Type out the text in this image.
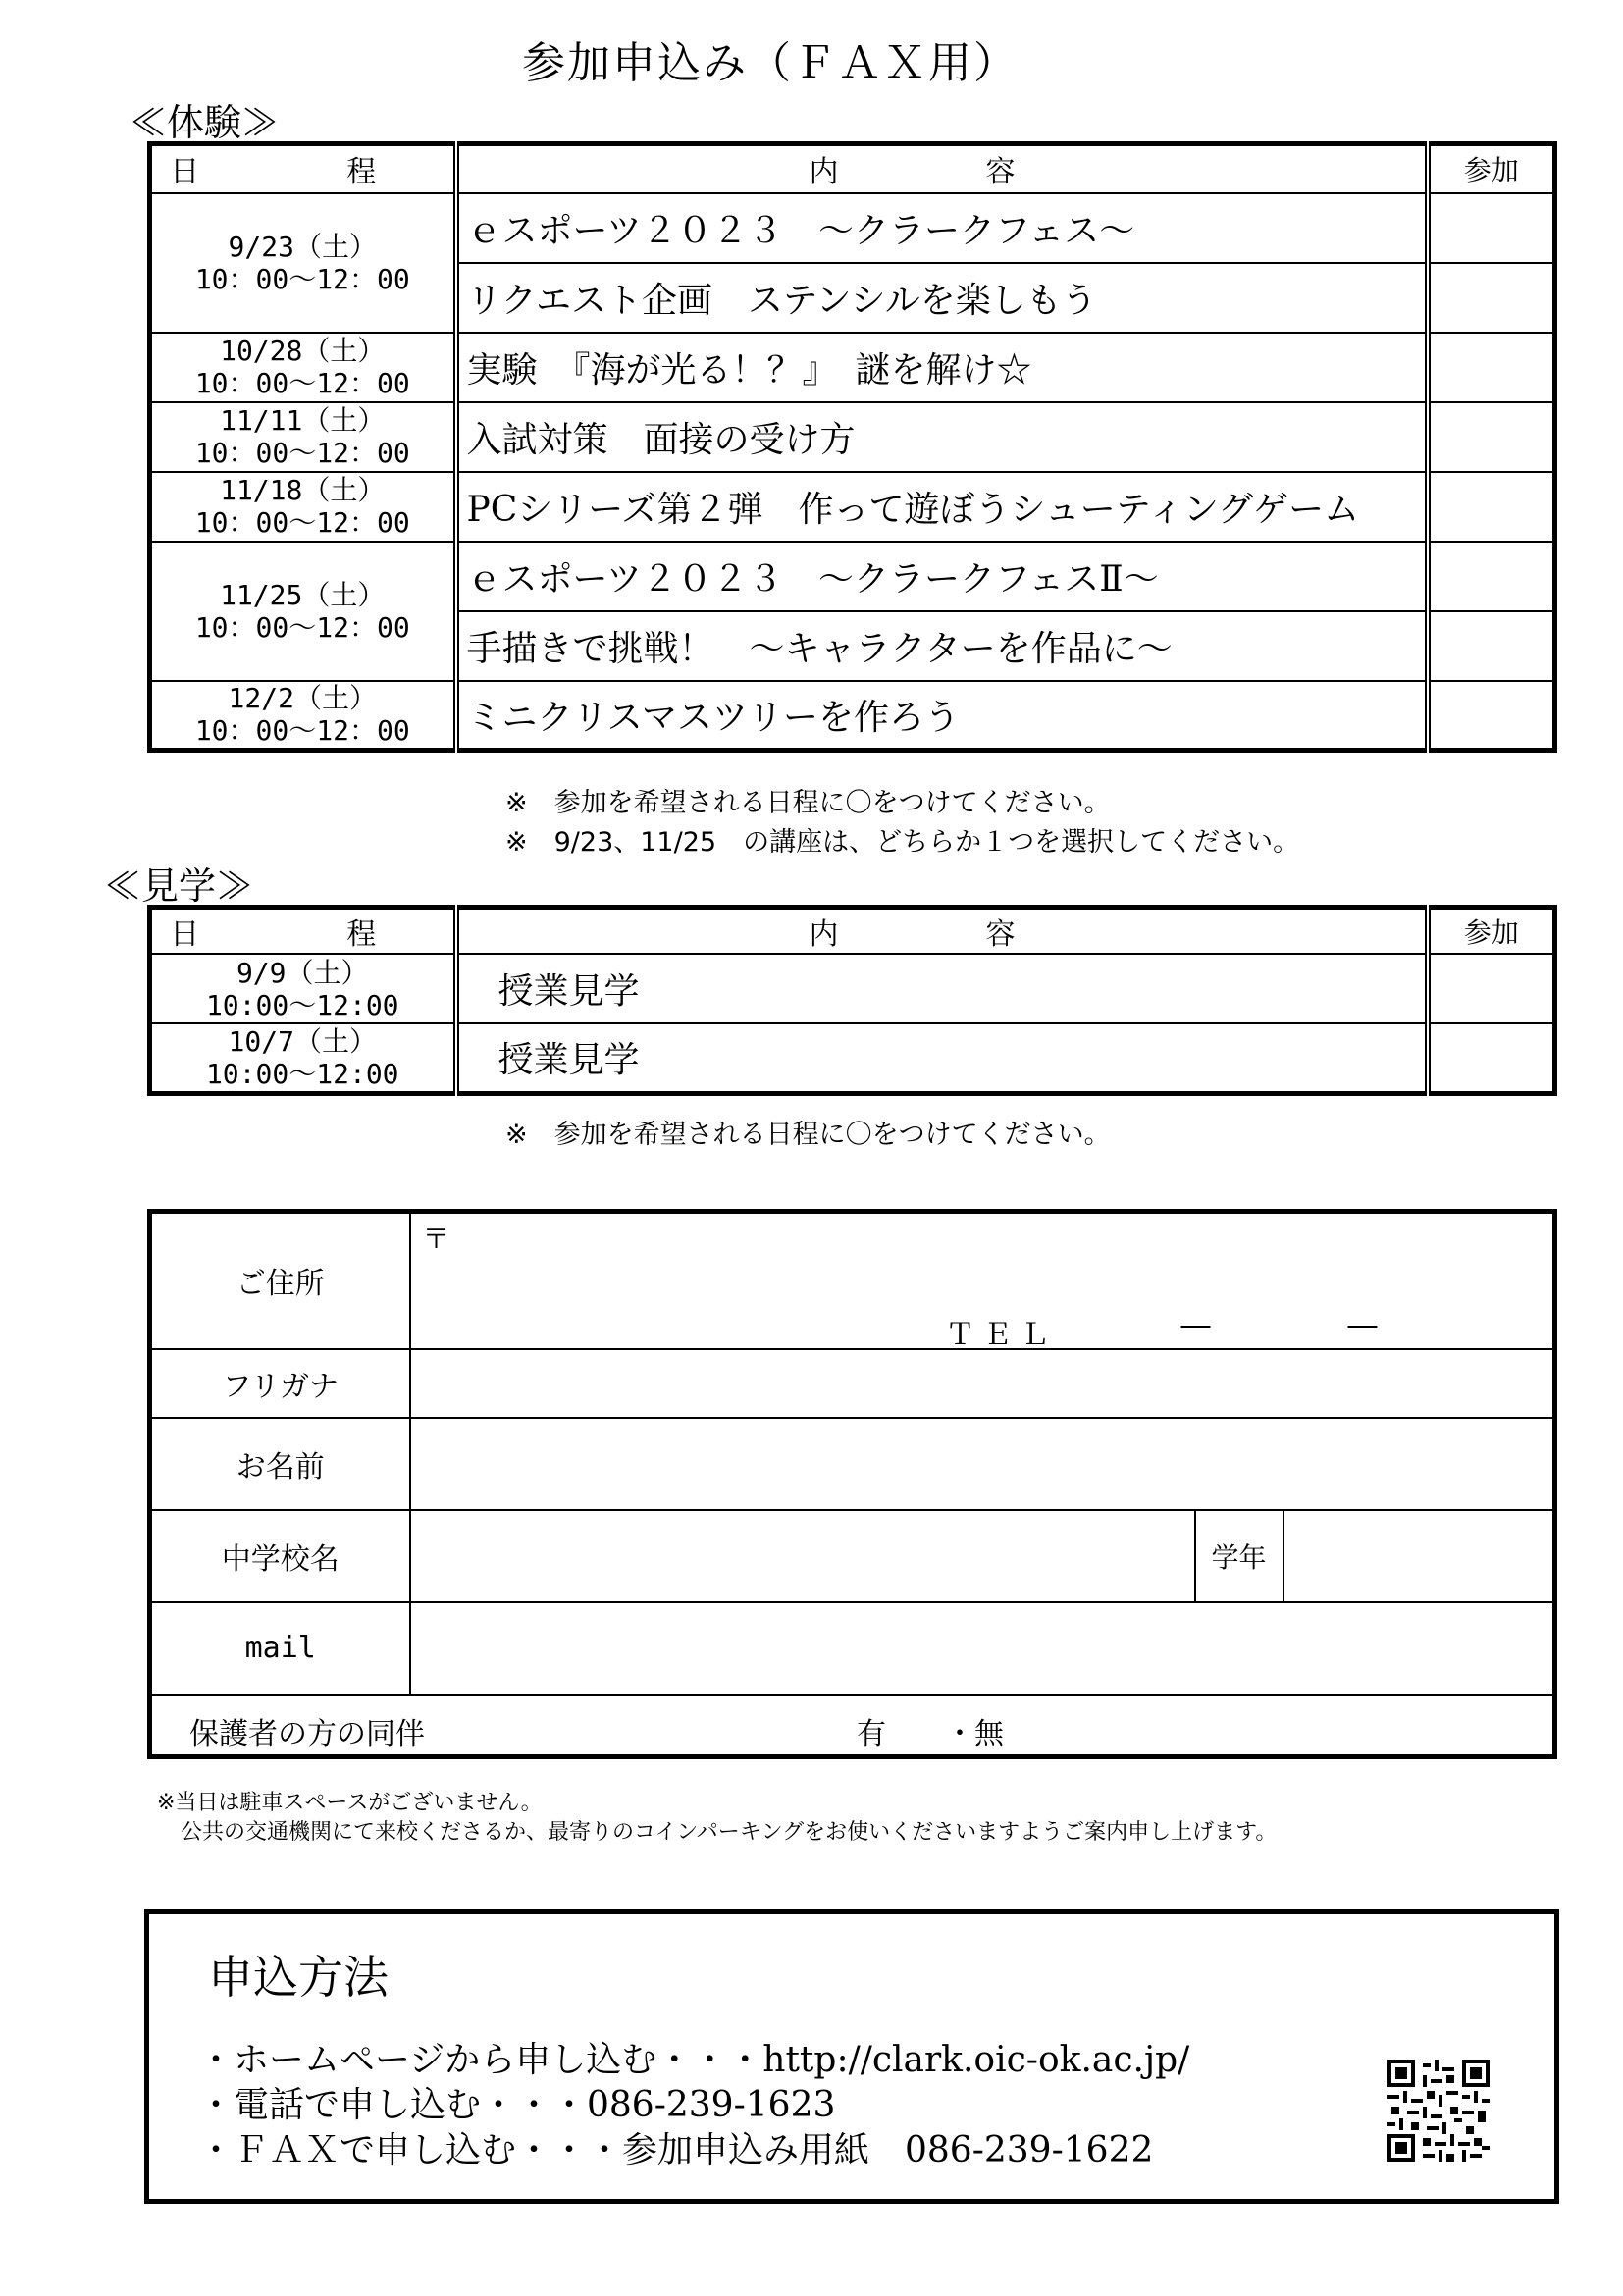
参加申込み（ＦＡＸ用）
≪体験≫
日　程	内　容	参加

9/23（土）
10：00〜12：00	ｅスポーツ２０２３　〜クラークフェス〜	
	リクエスト企画　ステンシルを楽しもう	

10/28（土）
10：00〜12：00	実験　『海が光る！？』　謎を解け☆	

11/11（土）
10：00〜12：00	入試対策　面接の受け方	

11/18（土）
10：00〜12：00	PCシリーズ第２弾　作って遊ぼうシューティングゲーム	

11/25（土）
10：00〜12：00	ｅスポーツ２０２３　〜クラークフェスⅡ〜	
	手描きで挑戦！　〜キャラクターを作品に〜	

12/2（土）
10：00〜12：00	ミニクリスマスツリーを作ろう	
※　参加を希望される日程に〇をつけてください。
※　9/23、11/25　の講座は、どちらか１つを選択してください。
≪見学≫
日　程	内　容	参加

9/9（土）
10:00〜12:00	授業見学	

10/7（土）
10:00〜12:00	授業見学	
※　参加を希望される日程に〇をつけてください。
ご住所	〒
ＴＥＬ ― ―		

フリガナ			
お名前			
中学校名		学年	
mail			

保護者の方の同伴 有　　・無			
※当日は駐車スペースがございません。
公共の交通機関にて来校くださるか、最寄りのコインパーキングをお使いくださいますようご案内申し上げます。
申込方法
・ホームページから申し込む・・・http://clark.oic-ok.ac.jp/
・電話で申し込む・・・086-239-1623
・ＦＡＸで申し込む・・・参加申込み用紙　086-239-1622
